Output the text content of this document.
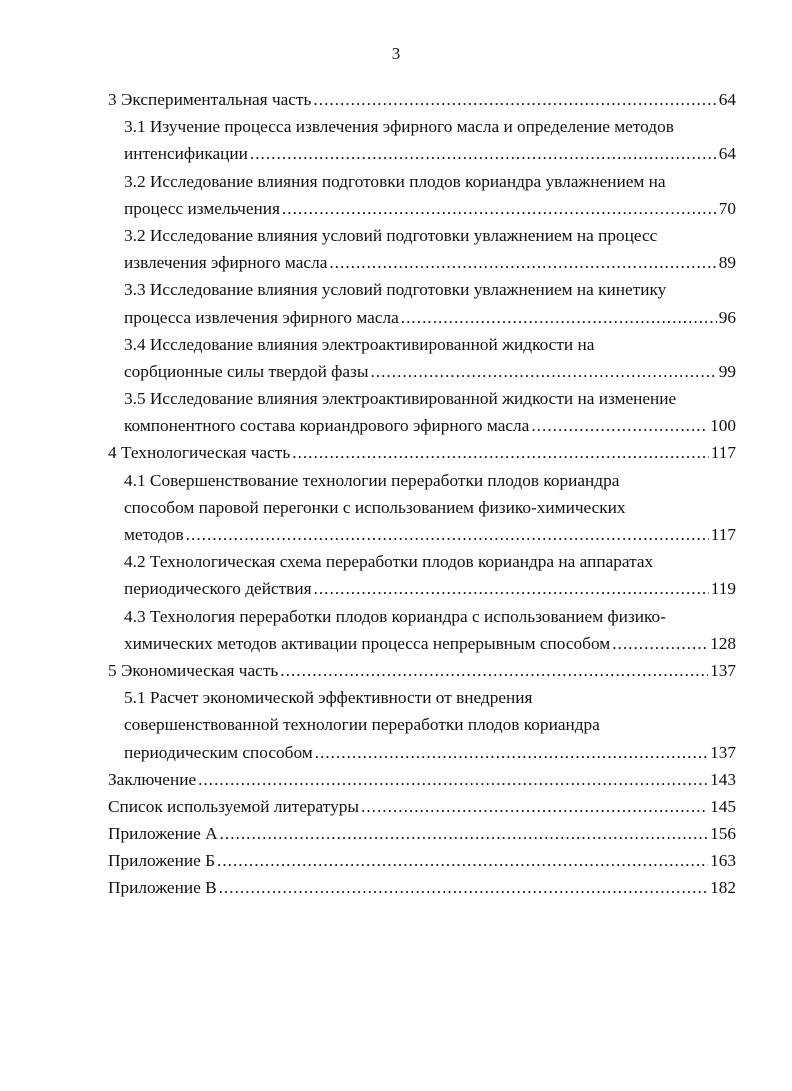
3
3 Экспериментальная часть .....	64
3.1 Изучение процесса извлечения эфирного масла и определение методов
интенсификации .....	64
3.2 Исследование влияния подготовки плодов кориандра увлажнением на
процесс измельчения .....	70
3.2 Исследование влияния условий подготовки увлажнением на процесс
извлечения эфирного масла .....	89
3.3 Исследование влияния условий подготовки увлажнением на кинетику
процесса извлечения эфирного масла .....	96
3.4 Исследование влияния электроактивированной жидкости на
сорбционные силы твердой фазы .....	99
3.5 Исследование влияния электроактивированной жидкости на изменение
компонентного состава кориандрового эфирного масла .....	100
4 Технологическая часть .....	117
4.1 Совершенствование технологии переработки плодов кориандра
способом паровой перегонки с использованием физико-химических
методов .....	117
4.2 Технологическая схема переработки плодов кориандра на аппаратах
периодического действия .....	119
4.3 Технология переработки плодов кориандра с использованием физико-
химических методов активации процесса непрерывным способом .....	128
5 Экономическая часть .....	137
5.1 Расчет экономической эффективности от внедрения
совершенствованной технологии переработки плодов кориандра
периодическим способом .....	137
Заключение .....	143
Список используемой литературы .....	145
Приложение А .....	156
Приложение Б .....	163
Приложение В .....	182
